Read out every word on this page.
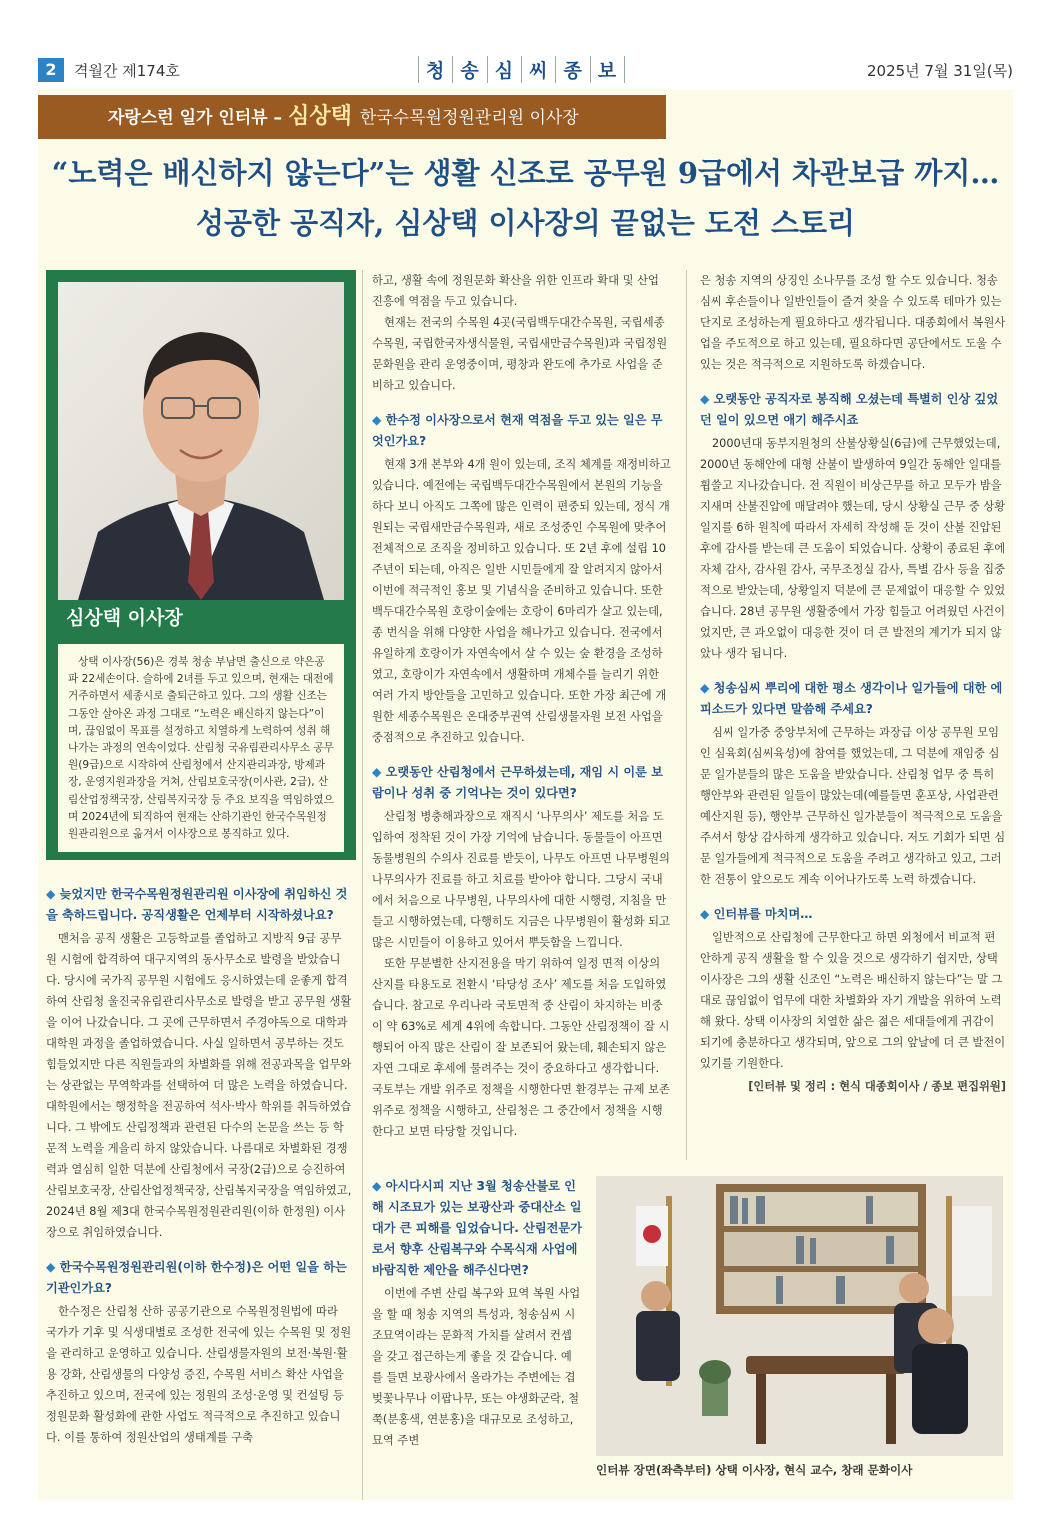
2	격월간 제174호	청 송 심 씨 종 보	2025년 7월 31일(목)
자랑스런 일가 인터뷰 – 심상택 한국수목원정원관리원 이사장
“노력은 배신하지 않는다”는 생활 신조로 공무원 9급에서 차관보급 까지…
성공한 공직자, 심상택 이사장의 끝없는 도전 스토리
심상택 이사장
상택 이사장(56)은 경북 청송 부남면 출신으로 약은공파 22세손이다. 슬하에 2녀를 두고 있으며, 현재는 대전에 거주하면서 세종시로 출퇴근하고 있다. 그의 생활 신조는 그동안 살아온 과정 그대로 “노력은 배신하지 않는다”이며, 끊임없이 목표를 설정하고 치열하게 노력하여 성취 해나가는 과정의 연속이었다. 산림청 국유림관리사무소 공무원(9급)으로 시작하여 산림청에서 산지관리과장, 방제과장, 운영지원과장을 거쳐, 산림보호국장(이사관, 2급), 산림산업정책국장, 산림복지국장 등 주요 보직을 역임하였으며 2024년에 퇴직하여 현재는 산하기관인 한국수목원정원관리원으로 옮겨서 이사장으로 봉직하고 있다.
◆ 늦었지만 한국수목원정원관리원 이사장에 취임하신 것을 축하드립니다. 공직생활은 언제부터 시작하셨나요?

맨처음 공직 생활은 고등학교를 졸업하고 지방직 9급 공무원 시험에 합격하여 대구지역의 동사무소로 발령을 받았습니다. 당시에 국가직 공무원 시험에도 응시하였는데 운좋게 합격하여 산림청 울진국유림관리사무소로 발령을 받고 공무원 생활을 이어 나갔습니다. 그 곳에 근무하면서 주경야독으로 대학과 대학원 과정을 졸업하였습니다. 사실 일하면서 공부하는 것도 힘들었지만 다른 직원들과의 차별화를 위해 전공과목을 업무와는 상관없는 무역학과를 선택하여 더 많은 노력을 하였습니다. 대학원에서는 행정학을 전공하여 석사·박사 학위를 취득하였습니다. 그 밖에도 산림정책과 관련된 다수의 논문을 쓰는 등 학문적 노력을 게을리 하지 않았습니다. 나름대로 차별화된 경쟁력과 열심히 일한 덕분에 산림청에서 국장(2급)으로 승진하여 산림보호국장, 산림산업정책국장, 산림복지국장을 역임하였고, 2024년 8월 제3대 한국수목원정원관리원(이하 한정원) 이사장으로 취임하였습니다.

◆ 한국수목원정원관리원(이하 한수정)은 어떤 일을 하는 기관인가요?

한수정은 산림청 산하 공공기관으로 수목원정원법에 따라 국가가 기후 및 식생대별로 조성한 전국에 있는 수목원 및 정원을 관리하고 운영하고 있습니다. 산림생물자원의 보전·복원·활용 강화, 산림생물의 다양성 증진, 수목원 서비스 확산 사업을 추진하고 있으며, 전국에 있는 정원의 조성·운영 및 컨설팅 등 정원문화 활성화에 관한 사업도 적극적으로 추진하고 있습니다. 이를 통하여 정원산업의 생태계를 구축

하고, 생활 속에 정원문화 확산을 위한 인프라 확대 및 산업 진흥에 역점을 두고 있습니다.

현재는 전국의 수목원 4곳(국립백두대간수목원, 국립세종수목원, 국립한국자생식물원, 국립새만금수목원)과 국립정원문화원을 관리 운영중이며, 평창과 완도에 추가로 사업을 준비하고 있습니다.

◆ 한수정 이사장으로서 현재 역점을 두고 있는 일은 무엇인가요?

현재 3개 본부와 4개 원이 있는데, 조직 체계를 재정비하고 있습니다. 예전에는 국립백두대간수목원에서 본원의 기능을 하다 보니 아직도 그쪽에 많은 인력이 편중되 있는데, 정식 개원되는 국립새만금수목원과, 새로 조성중인 수목원에 맞추어 전체적으로 조직을 정비하고 있습니다. 또 2년 후에 설립 10주년이 되는데, 아직은 일반 시민들에게 잘 알려지지 않아서 이번에 적극적인 홍보 및 기념식을 준비하고 있습니다. 또한 백두대간수목원 호랑이숲에는 호랑이 6마리가 살고 있는데, 종 번식을 위해 다양한 사업을 해나가고 있습니다. 전국에서 유일하게 호랑이가 자연속에서 살 수 있는 숲 환경을 조성하였고, 호랑이가 자연속에서 생활하며 개체수를 늘리기 위한 여러 가지 방안들을 고민하고 있습니다. 또한 가장 최근에 개원한 세종수목원은 온대중부권역 산림생물자원 보전 사업을 중점적으로 추진하고 있습니다.

◆ 오랫동안 산림청에서 근무하셨는데, 재임 시 이룬 보람이나 성취 중 기억나는 것이 있다면?

산림청 병충해과장으로 재직시 ‘나무의사’ 제도를 처음 도입하여 정착된 것이 가장 기억에 남습니다. 동물들이 아프면 동물병원의 수의사 진료를 받듯이, 나무도 아프면 나무병원의 나무의사가 진료를 하고 치료를 받아야 합니다. 그당시 국내에서 처음으로 나무병원, 나무의사에 대한 시행령, 지침을 만들고 시행하였는데, 다행히도 지금은 나무병원이 활성화 되고 많은 시민들이 이용하고 있어서 뿌듯함을 느낍니다.

또한 무분별한 산지전용을 막기 위하여 일정 면적 이상의 산지를 타용도로 전환시 ‘타당성 조사’ 제도를 처음 도입하였습니다. 참고로 우리나라 국토면적 중 산림이 차지하는 비중이 약 63%로 세계 4위에 속합니다. 그동안 산림정책이 잘 시행되어 아직 많은 산림이 잘 보존되어 왔는데, 훼손되지 않은 자연 그대로 후세에 물려주는 것이 중요하다고 생각합니다. 국토부는 개발 위주로 정책을 시행한다면 환경부는 규제 보존 위주로 정책을 시행하고, 산림청은 그 중간에서 정책을 시행한다고 보면 타당할 것입니다.

◆ 아시다시피 지난 3월 청송산불로 인해 시조묘가 있는 보광산과 중대산소 일대가 큰 피해를 입었습니다. 산림전문가로서 향후 산림복구와 수목식재 사업에 바람직한 제안을 해주신다면?

이번에 주변 산림 복구와 묘역 복원 사업을 할 때 청송 지역의 특성과, 청송심씨 시조묘역이라는 문화적 가치를 살려서 컨셉을 갖고 접근하는게 좋을 것 같습니다. 예를 들면 보광사에서 올라가는 주변에는 겹벚꽃나무나 이팝나무, 또는 야생화군락, 철쭉(분홍색, 연분홍)을 대규모로 조성하고, 묘역 주변

은 청송 지역의 상징인 소나무를 조성 할 수도 있습니다. 청송심씨 후손들이나 일반인들이 즐겨 찾을 수 있도록 테마가 있는 단지로 조성하는게 필요하다고 생각됩니다. 대종회에서 복원사업을 주도적으로 하고 있는데, 필요하다면 공단에서도 도울 수 있는 것은 적극적으로 지원하도록 하겠습니다.

◆ 오랫동안 공직자로 봉직해 오셨는데 특별히 인상 깊었던 일이 있으면 애기 해주시죠

2000년대 동부지원청의 산불상황실(6급)에 근무했었는데, 2000년 동해안에 대형 산불이 발생하여 9일간 동해안 일대를 휩쓸고 지나갔습니다. 전 직원이 비상근무를 하고 모두가 밤을 지새며 산불진압에 매달려야 했는데, 당시 상황실 근무 중 상황 일지를 6하 원칙에 따라서 자세히 작성해 둔 것이 산불 진압된 후에 감사를 받는데 큰 도움이 되었습니다. 상황이 종료된 후에 자체 감사, 감사원 감사, 국무조정실 감사, 특별 감사 등을 집중적으로 받았는데, 상황일지 덕분에 큰 문제없이 대응할 수 있었습니다. 28년 공무원 생활중에서 가장 힘들고 어려웠던 사건이었지만, 큰 과오없이 대응한 것이 더 큰 발전의 계기가 되지 않았나 생각 됩니다.

◆ 청송심씨 뿌리에 대한 평소 생각이나 일가들에 대한 에피소드가 있다면 말씀해 주세요?

심씨 일가중 중앙부처에 근무하는 과장급 이상 공무원 모임인 심육회(심씨육성)에 참여를 했었는데, 그 덕분에 재임중 심문 일가분들의 많은 도움을 받았습니다. 산림청 업무 중 특히 행안부와 관련된 일들이 많았는데(예를들면 훈포상, 사업관련 예산지원 등), 행안부 근무하신 일가분들이 적극적으로 도움을 주셔서 항상 감사하게 생각하고 있습니다. 저도 기회가 되면 심문 일가들에게 적극적으로 도움을 주려고 생각하고 있고, 그러한 전통이 앞으로도 계속 이어나가도록 노력 하겠습니다.

◆ 인터뷰를 마치며…

일반적으로 산림청에 근무한다고 하면 외청에서 비교적 편안하게 공직 생활을 할 수 있을 것으로 생각하기 쉽지만, 상택 이사장은 그의 생활 신조인 “노력은 배신하지 않는다”는 말 그대로 끊임없이 업무에 대한 차별화와 자기 개발을 위하여 노력해 왔다. 상택 이사장의 치열한 삶은 젊은 세대들에게 귀감이 되기에 충분하다고 생각되며, 앞으로 그의 앞날에 더 큰 발전이 있기를 기원한다.

[인터뷰 및 정리 : 현식 대종회이사 / 종보 편집위원]
인터뷰 장면(좌측부터) 상택 이사장, 현식 교수, 창래 문화이사
